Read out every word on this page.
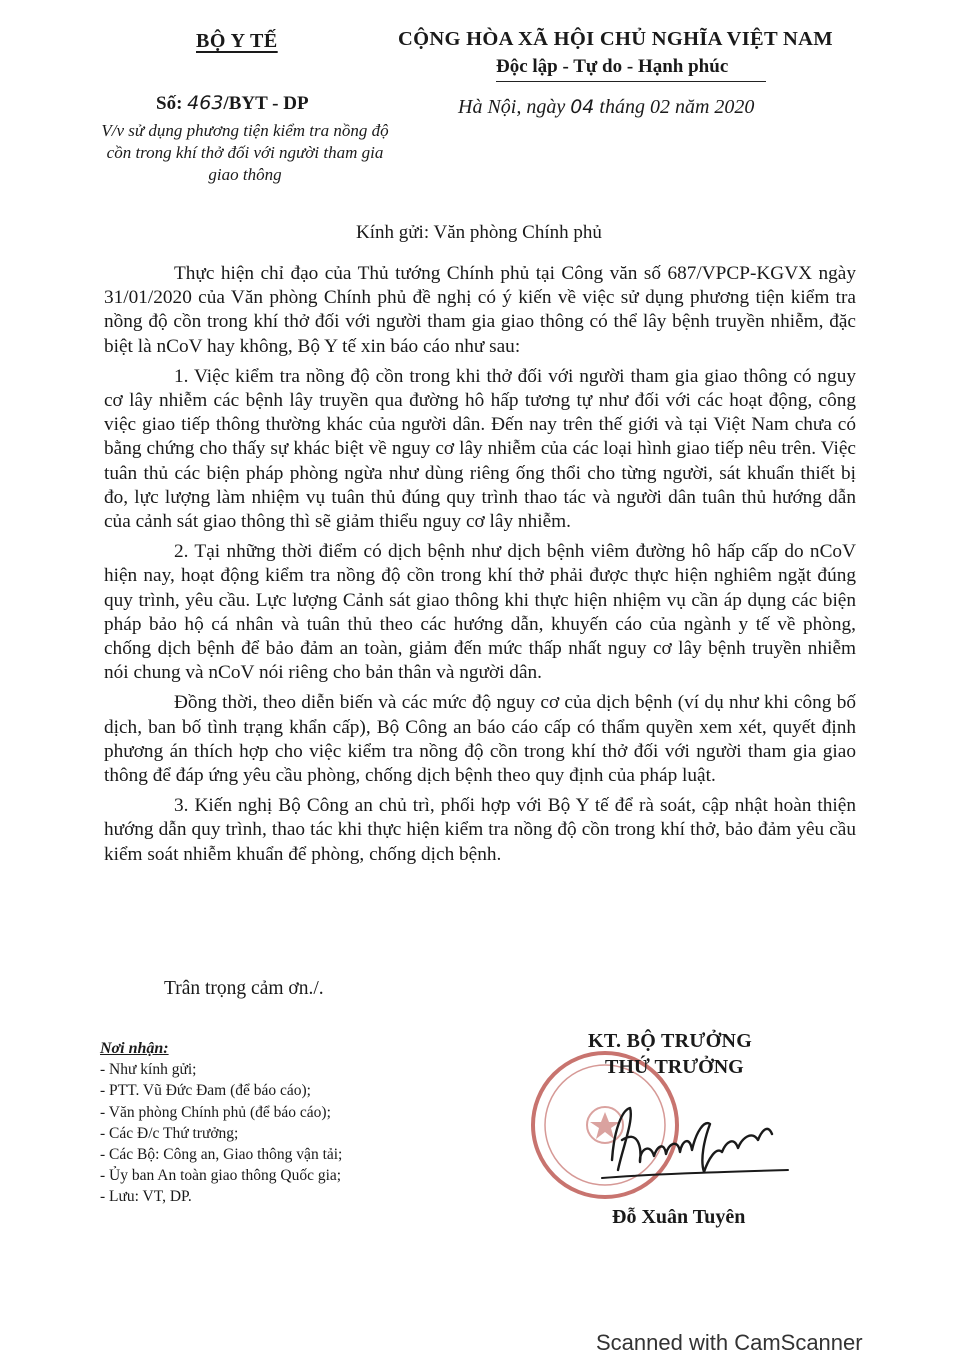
BỘ Y TẾ
Số: 463/BYT - DP
V/v sử dụng phương tiện kiểm tra nồng độ cồn trong khí thở đối với người tham gia giao thông
CỘNG HÒA XÃ HỘI CHỦ NGHĨA VIỆT NAM
Độc lập - Tự do - Hạnh phúc
Hà Nội, ngày 04 tháng 02 năm 2020
Kính gửi: Văn phòng Chính phủ

Thực hiện chỉ đạo của Thủ tướng Chính phủ tại Công văn số 687/VPCP-KGVX ngày 31/01/2020 của Văn phòng Chính phủ đề nghị có ý kiến về việc sử dụng phương tiện kiểm tra nồng độ cồn trong khí thở đối với người tham gia giao thông có thể lây bệnh truyền nhiễm, đặc biệt là nCoV hay không, Bộ Y tế xin báo cáo như sau:

1. Việc kiểm tra nồng độ cồn trong khi thở đối với người tham gia giao thông có nguy cơ lây nhiễm các bệnh lây truyền qua đường hô hấp tương tự như đối với các hoạt động, công việc giao tiếp thông thường khác của người dân. Đến nay trên thế giới và tại Việt Nam chưa có bằng chứng cho thấy sự khác biệt về nguy cơ lây nhiễm của các loại hình giao tiếp nêu trên. Việc tuân thủ các biện pháp phòng ngừa như dùng riêng ống thổi cho từng người, sát khuẩn thiết bị đo, lực lượng làm nhiệm vụ tuân thủ đúng quy trình thao tác và người dân tuân thủ hướng dẫn của cảnh sát giao thông thì sẽ giảm thiểu nguy cơ lây nhiễm.

2. Tại những thời điểm có dịch bệnh như dịch bệnh viêm đường hô hấp cấp do nCoV hiện nay, hoạt động kiểm tra nồng độ cồn trong khí thở phải được thực hiện nghiêm ngặt đúng quy trình, yêu cầu. Lực lượng Cảnh sát giao thông khi thực hiện nhiệm vụ cần áp dụng các biện pháp bảo hộ cá nhân và tuân thủ theo các hướng dẫn, khuyến cáo của ngành y tế về phòng, chống dịch bệnh để bảo đảm an toàn, giảm đến mức thấp nhất nguy cơ lây bệnh truyền nhiễm nói chung và nCoV nói riêng cho bản thân và người dân.

Đồng thời, theo diễn biến và các mức độ nguy cơ của dịch bệnh (ví dụ như khi công bố dịch, ban bố tình trạng khẩn cấp), Bộ Công an báo cáo cấp có thẩm quyền xem xét, quyết định phương án thích hợp cho việc kiểm tra nồng độ cồn trong khí thở đối với người tham gia giao thông để đáp ứng yêu cầu phòng, chống dịch bệnh theo quy định của pháp luật.

3. Kiến nghị Bộ Công an chủ trì, phối hợp với Bộ Y tế để rà soát, cập nhật hoàn thiện hướng dẫn quy trình, thao tác khi thực hiện kiểm tra nồng độ cồn trong khí thở, bảo đảm yêu cầu kiểm soát nhiễm khuẩn để phòng, chống dịch bệnh.

Trân trọng cảm ơn./.
Nơi nhận:
- Như kính gửi;
- PTT. Vũ Đức Đam (để báo cáo);
- Văn phòng Chính phủ (để báo cáo);
- Các Đ/c Thứ trưởng;
- Các Bộ: Công an, Giao thông vận tải;
- Ủy ban An toàn giao thông Quốc gia;
- Lưu: VT, DP.
KT. BỘ TRƯỞNG
THỨ TRƯỞNG
Đỗ Xuân Tuyên
Scanned with CamScanner
